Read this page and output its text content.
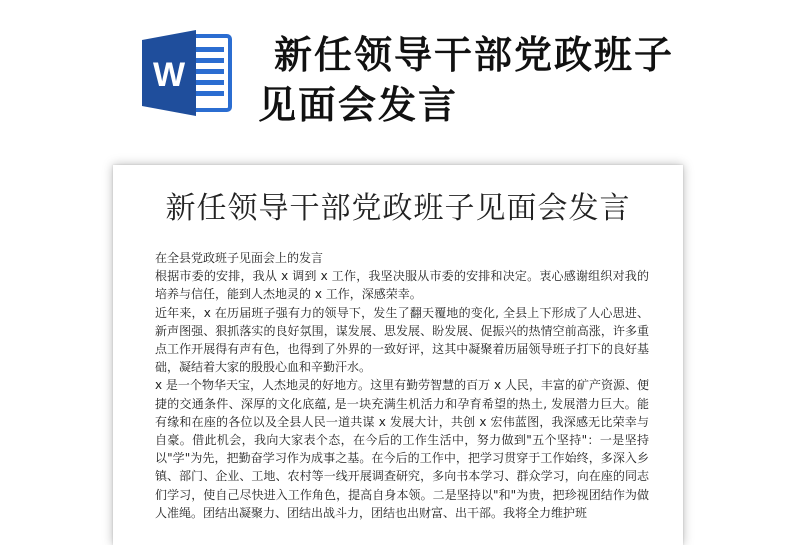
W	新任领导干部党政班子见面会发言
新任领导干部党政班子见面会发言

在全县党政班子见面会上的发言

根据市委的安排，我从 x 调到 x 工作，我坚决服从市委的安排和决定。衷心感谢组织对我的培养与信任，能到人杰地灵的 x 工作，深感荣幸。

近年来，x 在历届班子强有力的领导下，发生了翻天覆地的变化, 全县上下形成了人心思进、新声图强、狠抓落实的良好氛围，谋发展、思发展、盼发展、促振兴的热情空前高涨，许多重点工作开展得有声有色，也得到了外界的一致好评，这其中凝聚着历届领导班子打下的良好基础，凝结着大家的殷殷心血和辛勤汗水。

x 是一个物华天宝，人杰地灵的好地方。这里有勤劳智慧的百万 x 人民，丰富的矿产资源、便捷的交通条件、深厚的文化底蕴, 是一块充满生机活力和孕育希望的热土, 发展潜力巨大。能有缘和在座的各位以及全县人民一道共谋 x 发展大计，共创 x 宏伟蓝图，我深感无比荣幸与自豪。借此机会，我向大家表个态，在今后的工作生活中，努力做到"五个坚持"：一是坚持以"学"为先，把勤奋学习作为成事之基。在今后的工作中，把学习贯穿于工作始终，多深入乡镇、部门、企业、工地、农村等一线开展调查研究，多向书本学习、群众学习，向在座的同志们学习，使自己尽快进入工作角色，提高自身本领。二是坚持以"和"为贵，把珍视团结作为做人准绳。团结出凝聚力、团结出战斗力，团结也出财富、出干部。我将全力维护班
